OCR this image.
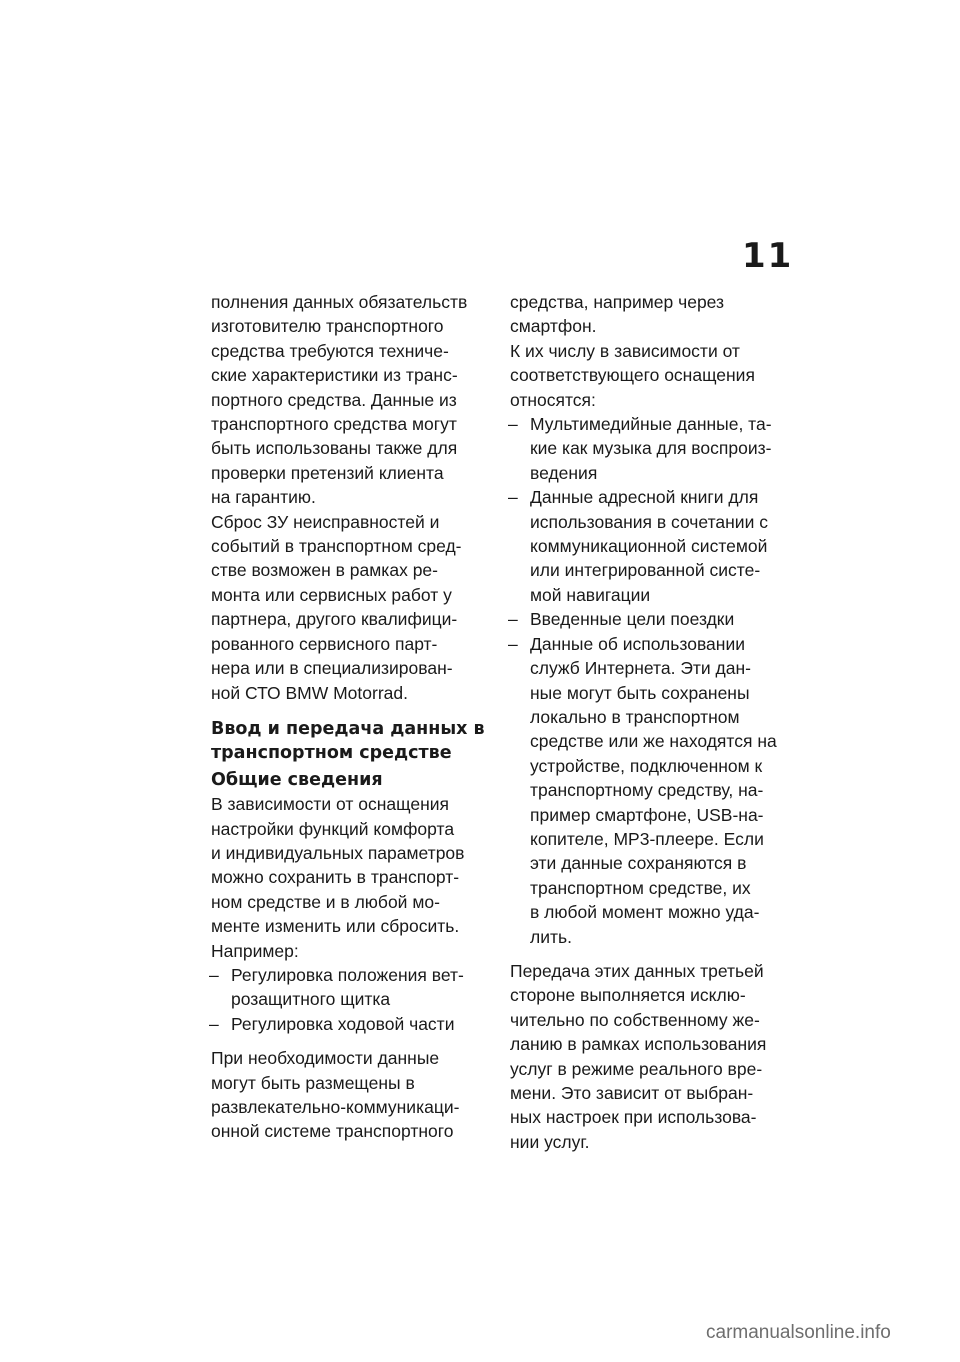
11
полнения данных обязательств
изготовителю транспортного
средства требуются техниче-
ские характеристики из транс-
портного средства. Данные из
транспортного средства могут
быть использованы также для
проверки претензий клиента
на гарантию.
Сброс ЗУ неисправностей и
событий в транспортном сред-
стве возможен в рамках ре-
монта или сервисных работ у
партнера, другого квалифици-
рованного сервисного парт-
нера или в специализирован-
ной СТО BMW Motorrad.
Ввод и передача данных в
транспортном средстве
Общие сведения
В зависимости от оснащения
настройки функций комфорта
и индивидуальных параметров
можно сохранить в транспорт-
ном средстве и в любой мо-
менте изменить или сбросить.
Например:
– Регулировка положения вет-
розащитного щитка
– Регулировка ходовой части
При необходимости данные
могут быть размещены в
развлекательно-коммуникаци-
онной системе транспортного
средства, например через
смартфон.
К их числу в зависимости от
соответствующего оснащения
относятся:
– Мультимедийные данные, та-
кие как музыка для воспроиз-
ведения
– Данные адресной книги для
использования в сочетании с
коммуникационной системой
или интегрированной систе-
мой навигации
– Введенные цели поездки
– Данные об использовании
служб Интернета. Эти дан-
ные могут быть сохранены
локально в транспортном
средстве или же находятся на
устройстве, подключенном к
транспортному средству, на-
пример смартфоне, USB-на-
копителе, MP3-плеере. Если
эти данные сохраняются в
транспортном средстве, их
в любой момент можно уда-
лить.
Передача этих данных третьей
стороне выполняется исклю-
чительно по собственному же-
ланию в рамках использования
услуг в режиме реального вре-
мени. Это зависит от выбран-
ных настроек при использова-
нии услуг.
carmanualsonline.info
